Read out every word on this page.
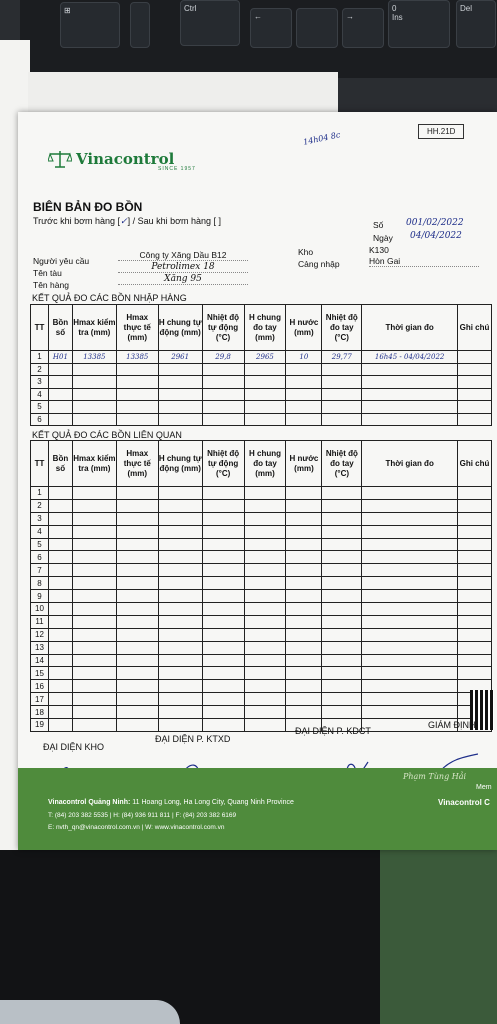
⊞	Ctrl
←	→
0
Ins
Del
HH.21D
14h04 8c
Vinacontrol
SINCE 1957
BIÊN BẢN ĐO BỒN
Trước khi bơm hàng [✓] / Sau khi bơm hàng [ ]	Số	001/02/2022
Ngày 04/04/2022
Người yêu cầu
Công ty Xăng Dầu B12
Tên tàu
Petrolimex 18
Tên hàng
Xăng 95
Kho	K130
Cảng nhập	Hòn Gai
KẾT QUẢ ĐO CÁC BỒN NHẬP HÀNG
TT	Bồn số	Hmax kiểm tra (mm)	Hmax thực tế (mm)	H chung tự động (mm)	Nhiệt độ tự động (°C)	H chung đo tay (mm)	H nước (mm)	Nhiệt độ đo tay (°C)	Thời gian đo	Ghi chú
1	H01	13385	13385	2961	29,8	2965	10	29,77	16h45 - 04/04/2022	
2										
3										
4										
5										
6										
KẾT QUẢ ĐO CÁC BỒN LIÊN QUAN
TT	Bồn số	Hmax kiểm tra (mm)	Hmax thực tế (mm)	H chung tự động (mm)	Nhiệt độ tự động (°C)	H chung đo tay (mm)	H nước (mm)	Nhiệt độ đo tay (°C)	Thời gian đo	Ghi chú
1										
2										
3										
4										
5										
6										
7										
8										
9										
10										
11										
12										
13										
14										
15										
16										
17										
18										
19										
ĐẠI DIỆN KHO
ĐẠI DIỆN P. KTXD
ĐẠI DIỆN P. KDCT
GIÁM ĐỊNH
Phạm Tùng Hải
Vinacontrol Quảng Ninh: 11 Hoang Long, Ha Long City, Quang Ninh Province
T: (84) 203 382 5535 | H: (84) 936 911 811 | F: (84) 203 382 6169
E: nvth_qn@vinacontrol.com.vn | W: www.vinacontrol.com.vn
Mem
Vinacontrol C
